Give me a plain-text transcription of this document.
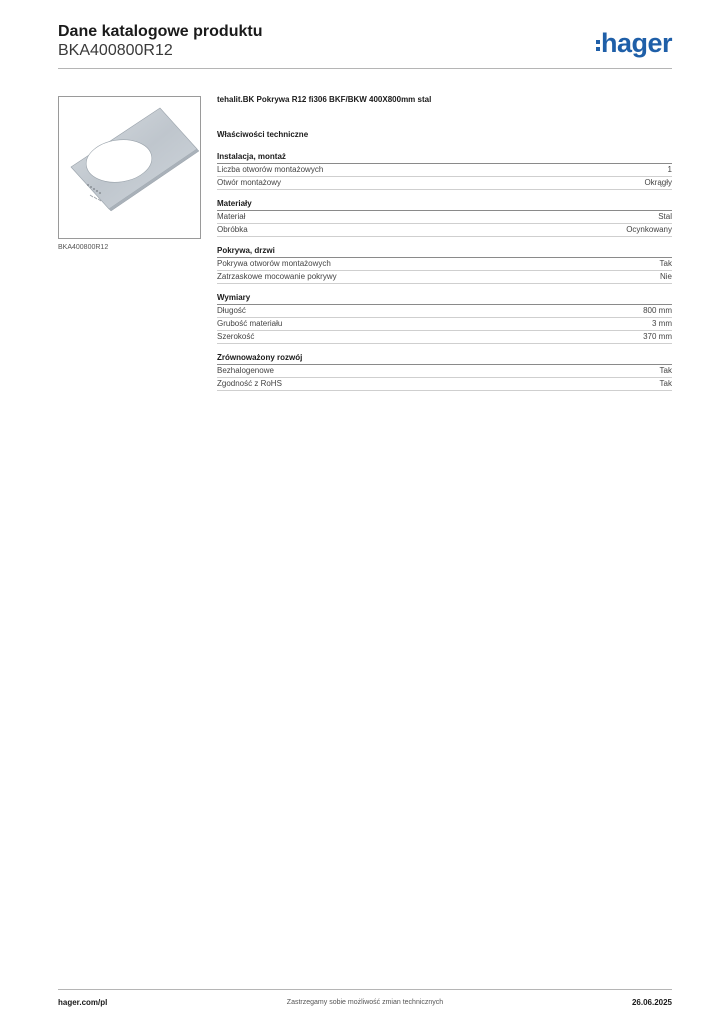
Dane katalogowe produktu
BKA400800R12	hager
BKA400800R12
tehalit.BK Pokrywa R12 fi306 BKF/BKW 400X800mm stal
Właściwości techniczne
Instalacja, montaż
Liczba otworów montażowych	1
Otwór montażowy	Okrągły
Materiały
Materiał	Stal
Obróbka	Ocynkowany
Pokrywa, drzwi
Pokrywa otworów montażowych	Tak
Zatrzaskowe mocowanie pokrywy	Nie
Wymiary
Długość	800 mm
Grubość materiału	3 mm
Szerokość	370 mm
Zrównoważony rozwój
Bezhalogenowe	Tak
Zgodność z RoHS	Tak
hager.com/pl	Zastrzegamy sobie możliwość zmian technicznych	26.06.2025
